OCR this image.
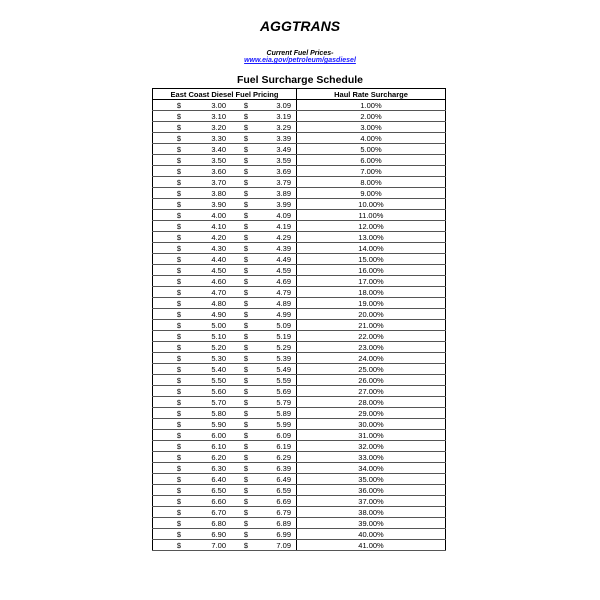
AGGTRANS
Current Fuel Prices-
www.eia.gov/petroleum/gasdiesel
Fuel Surcharge Schedule
East Coast Diesel Fuel Pricing				Haul Rate Surcharge
$	3.00	$	3.09	1.00%
$	3.10	$	3.19	2.00%
$	3.20	$	3.29	3.00%
$	3.30	$	3.39	4.00%
$	3.40	$	3.49	5.00%
$	3.50	$	3.59	6.00%
$	3.60	$	3.69	7.00%
$	3.70	$	3.79	8.00%
$	3.80	$	3.89	9.00%
$	3.90	$	3.99	10.00%
$	4.00	$	4.09	11.00%
$	4.10	$	4.19	12.00%
$	4.20	$	4.29	13.00%
$	4.30	$	4.39	14.00%
$	4.40	$	4.49	15.00%
$	4.50	$	4.59	16.00%
$	4.60	$	4.69	17.00%
$	4.70	$	4.79	18.00%
$	4.80	$	4.89	19.00%
$	4.90	$	4.99	20.00%
$	5.00	$	5.09	21.00%
$	5.10	$	5.19	22.00%
$	5.20	$	5.29	23.00%
$	5.30	$	5.39	24.00%
$	5.40	$	5.49	25.00%
$	5.50	$	5.59	26.00%
$	5.60	$	5.69	27.00%
$	5.70	$	5.79	28.00%
$	5.80	$	5.89	29.00%
$	5.90	$	5.99	30.00%
$	6.00	$	6.09	31.00%
$	6.10	$	6.19	32.00%
$	6.20	$	6.29	33.00%
$	6.30	$	6.39	34.00%
$	6.40	$	6.49	35.00%
$	6.50	$	6.59	36.00%
$	6.60	$	6.69	37.00%
$	6.70	$	6.79	38.00%
$	6.80	$	6.89	39.00%
$	6.90	$	6.99	40.00%
$	7.00	$	7.09	41.00%
